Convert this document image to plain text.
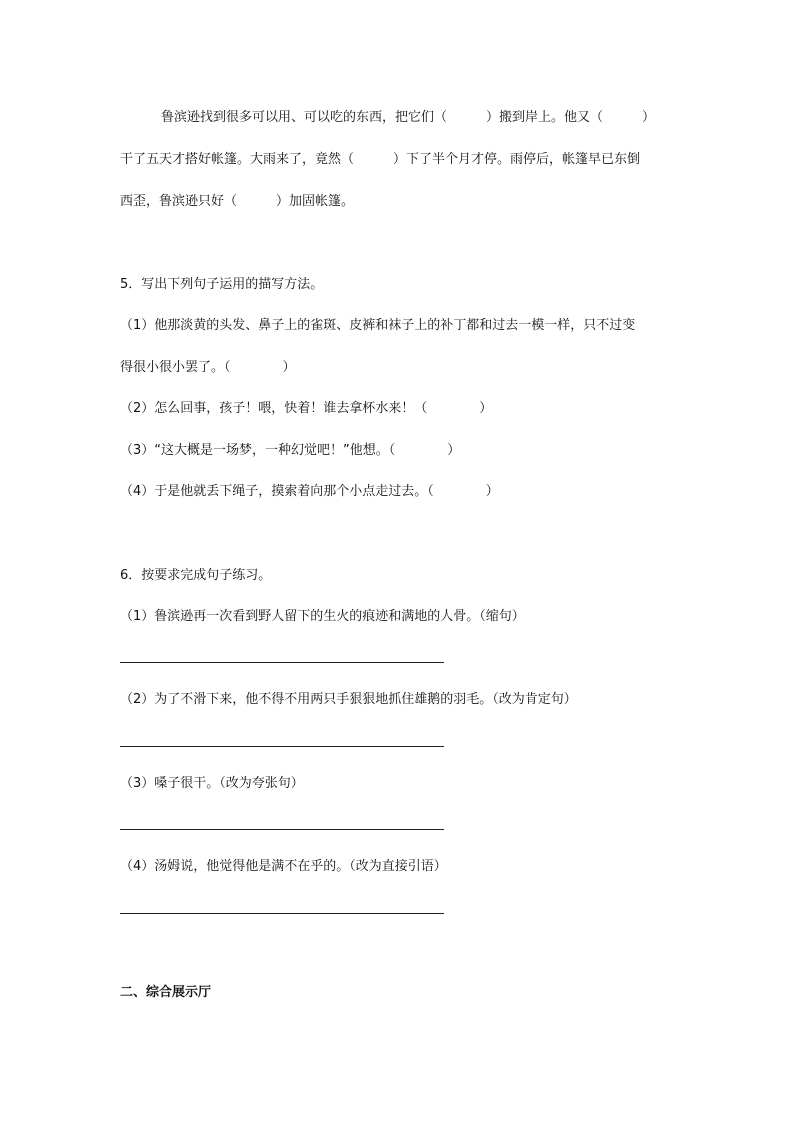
鲁滨逊找到很多可以用、可以吃的东西，把它们（　　　）搬到岸上。他又（　　　）
干了五天才搭好帐篷。大雨来了，竟然（　　　）下了半个月才停。雨停后，帐篷早已东倒
西歪，鲁滨逊只好（　　　）加固帐篷。
5．写出下列句子运用的描写方法。
（1）他那淡黄的头发、鼻子上的雀斑、皮裤和袜子上的补丁都和过去一模一样，只不过变
得很小很小罢了。（　　　　）
（2）怎么回事，孩子！喂，快着！谁去拿杯水来！（　　　　）
（3）“这大概是一场梦，一种幻觉吧！”他想。（　　　　）
（4）于是他就丢下绳子，摸索着向那个小点走过去。（　　　　）
6．按要求完成句子练习。
（1）鲁滨逊再一次看到野人留下的生火的痕迹和满地的人骨。（缩句）
（2）为了不滑下来，他不得不用两只手狠狠地抓住雄鹅的羽毛。（改为肯定句）
（3）嗓子很干。（改为夸张句）
（4）汤姆说，他觉得他是满不在乎的。（改为直接引语）
二、综合展示厅
